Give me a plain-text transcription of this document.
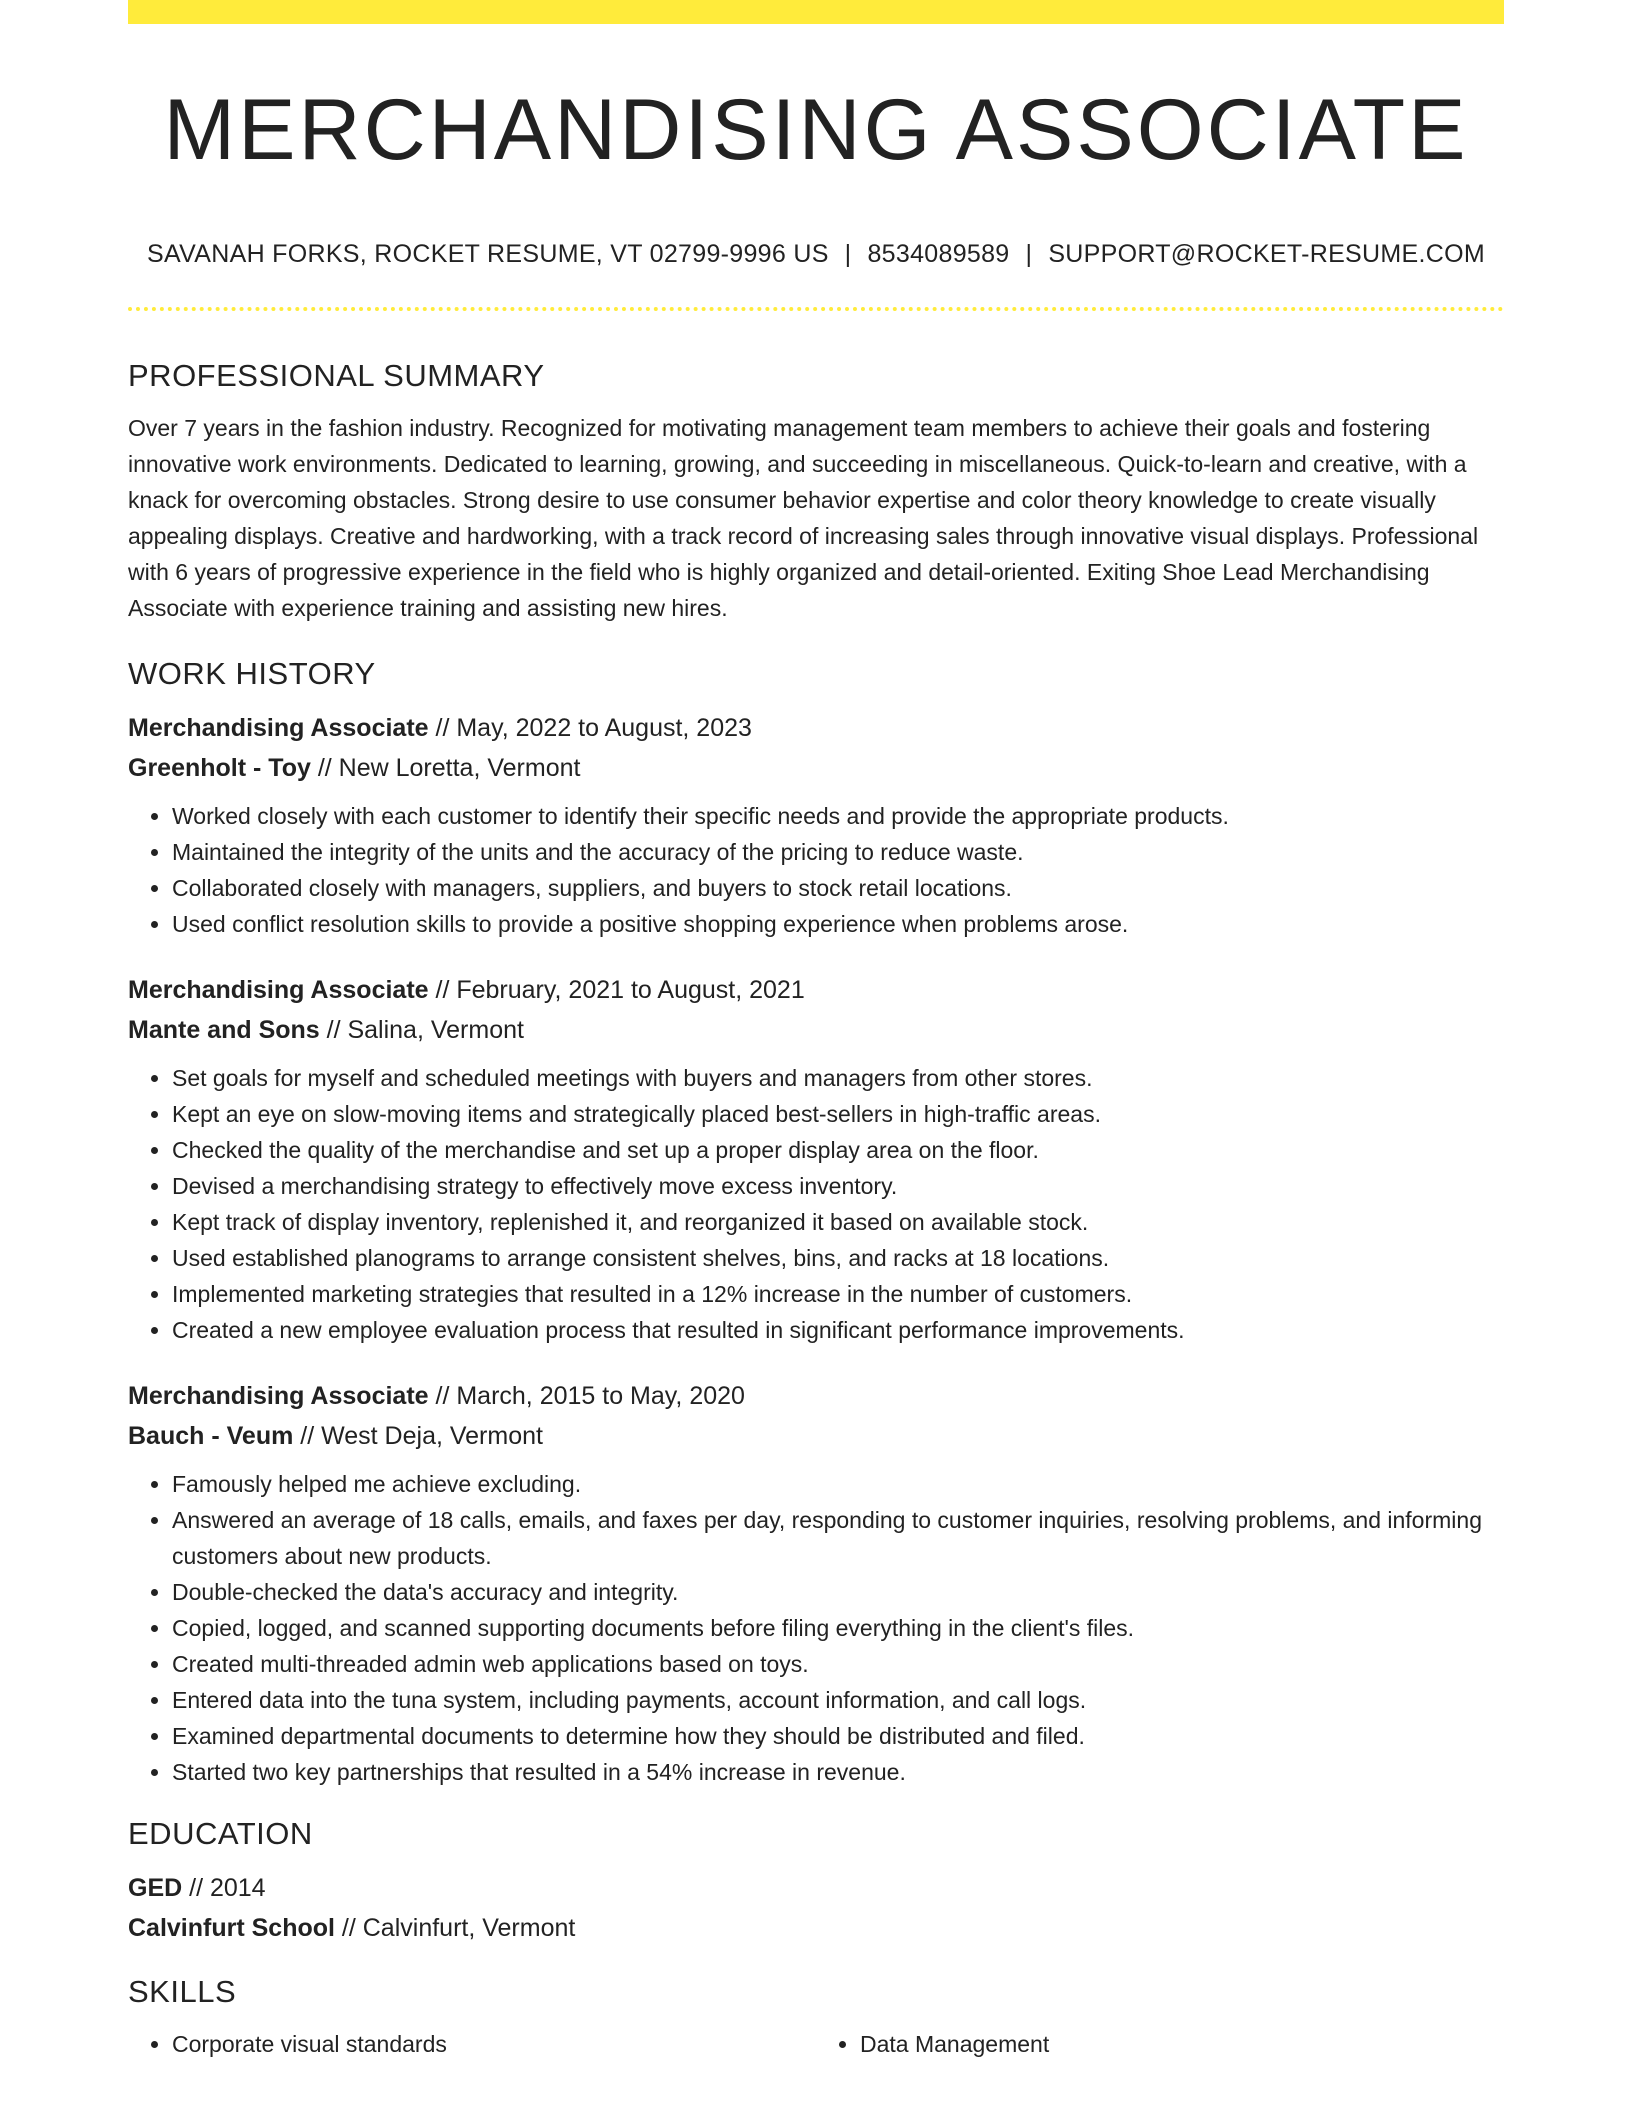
MERCHANDISING ASSOCIATE
SAVANAH FORKS, ROCKET RESUME, VT 02799-9996 US | 8534089589 | SUPPORT@ROCKET-RESUME.COM
PROFESSIONAL SUMMARY

Over 7 years in the fashion industry. Recognized for motivating management team members to achieve their goals and fostering innovative work environments. Dedicated to learning, growing, and succeeding in miscellaneous. Quick-to-learn and creative, with a knack for overcoming obstacles. Strong desire to use consumer behavior expertise and color theory knowledge to create visually appealing displays. Creative and hardworking, with a track record of increasing sales through innovative visual displays. Professional with 6 years of progressive experience in the field who is highly organized and detail-oriented. Exiting Shoe Lead Merchandising Associate with experience training and assisting new hires.

WORK HISTORY
Merchandising Associate // May, 2022 to August, 2023
Greenholt - Toy // New Loretta, Vermont
• Worked closely with each customer to identify their specific needs and provide the appropriate products.
• Maintained the integrity of the units and the accuracy of the pricing to reduce waste.
• Collaborated closely with managers, suppliers, and buyers to stock retail locations.
• Used conflict resolution skills to provide a positive shopping experience when problems arose.
Merchandising Associate // February, 2021 to August, 2021
Mante and Sons // Salina, Vermont
• Set goals for myself and scheduled meetings with buyers and managers from other stores.
• Kept an eye on slow-moving items and strategically placed best-sellers in high-traffic areas.
• Checked the quality of the merchandise and set up a proper display area on the floor.
• Devised a merchandising strategy to effectively move excess inventory.
• Kept track of display inventory, replenished it, and reorganized it based on available stock.
• Used established planograms to arrange consistent shelves, bins, and racks at 18 locations.
• Implemented marketing strategies that resulted in a 12% increase in the number of customers.
• Created a new employee evaluation process that resulted in significant performance improvements.
Merchandising Associate // March, 2015 to May, 2020
Bauch - Veum // West Deja, Vermont
• Famously helped me achieve excluding.
• Answered an average of 18 calls, emails, and faxes per day, responding to customer inquiries, resolving problems, and informing customers about new products.
• Double-checked the data's accuracy and integrity.
• Copied, logged, and scanned supporting documents before filing everything in the client's files.
• Created multi-threaded admin web applications based on toys.
• Entered data into the tuna system, including payments, account information, and call logs.
• Examined departmental documents to determine how they should be distributed and filed.
• Started two key partnerships that resulted in a 54% increase in revenue.
EDUCATION
GED // 2014
Calvinfurt School // Calvinfurt, Vermont
SKILLS
• Corporate visual standards
•	Data Management
